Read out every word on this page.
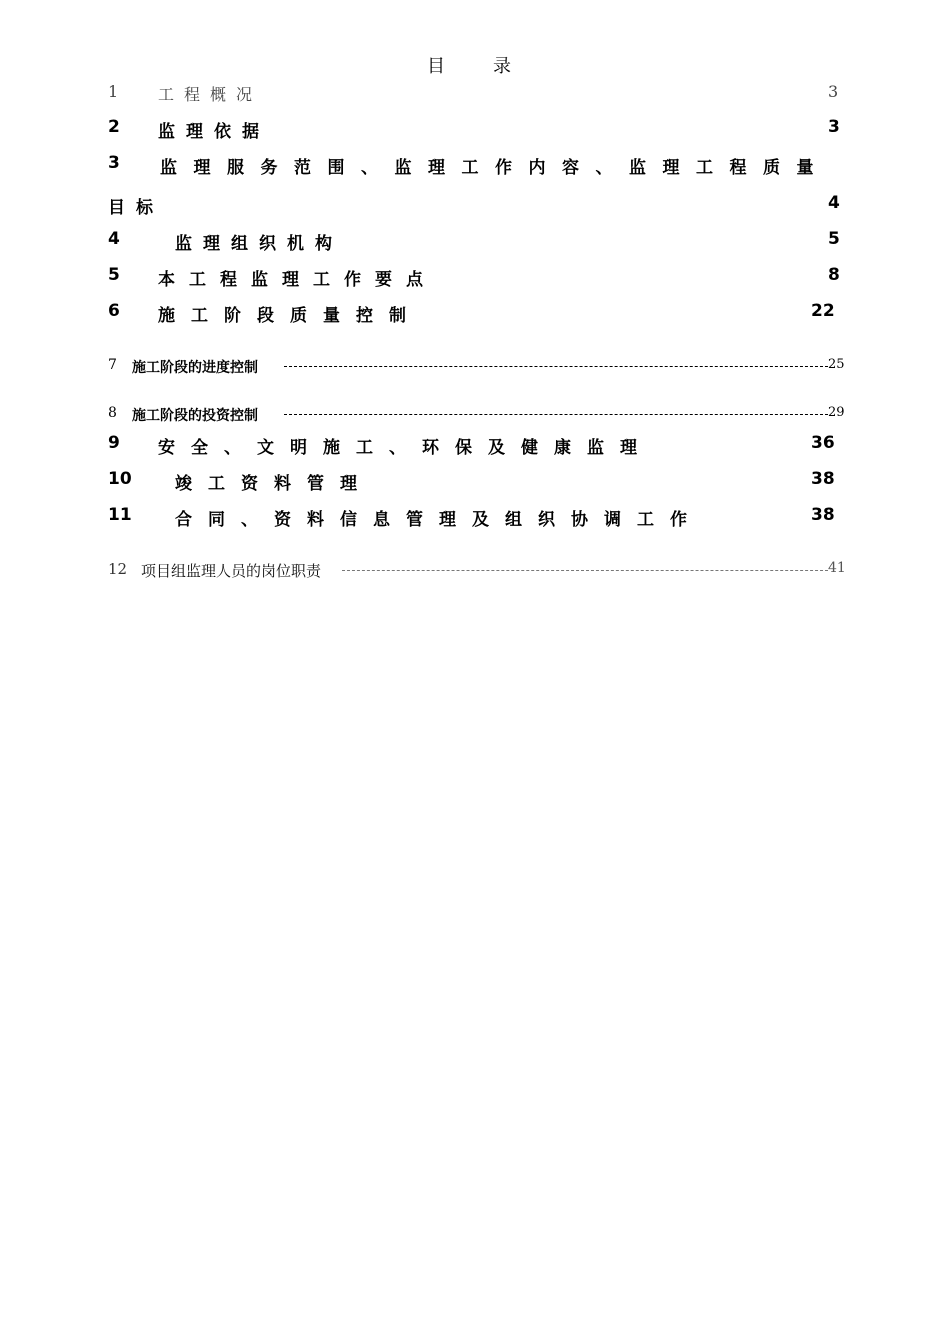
目	录
1 工程概况	3
2 监理依据	3
3 监理服务范围、监理工作内容、监理工程质量
目标	4
4	监理组织机构	5
5 本工程监理工作要点	8
6 施工阶段质量控制	22
7 施工阶段的进度控制	25
8 施工阶段的投资控制	29
9 安全、文明施工、环保及健康监理	36
10	竣工资料管理	38
11	合同、资料信息管理及组织协调工作	38
12 项目组监理人员的岗位职责	41
